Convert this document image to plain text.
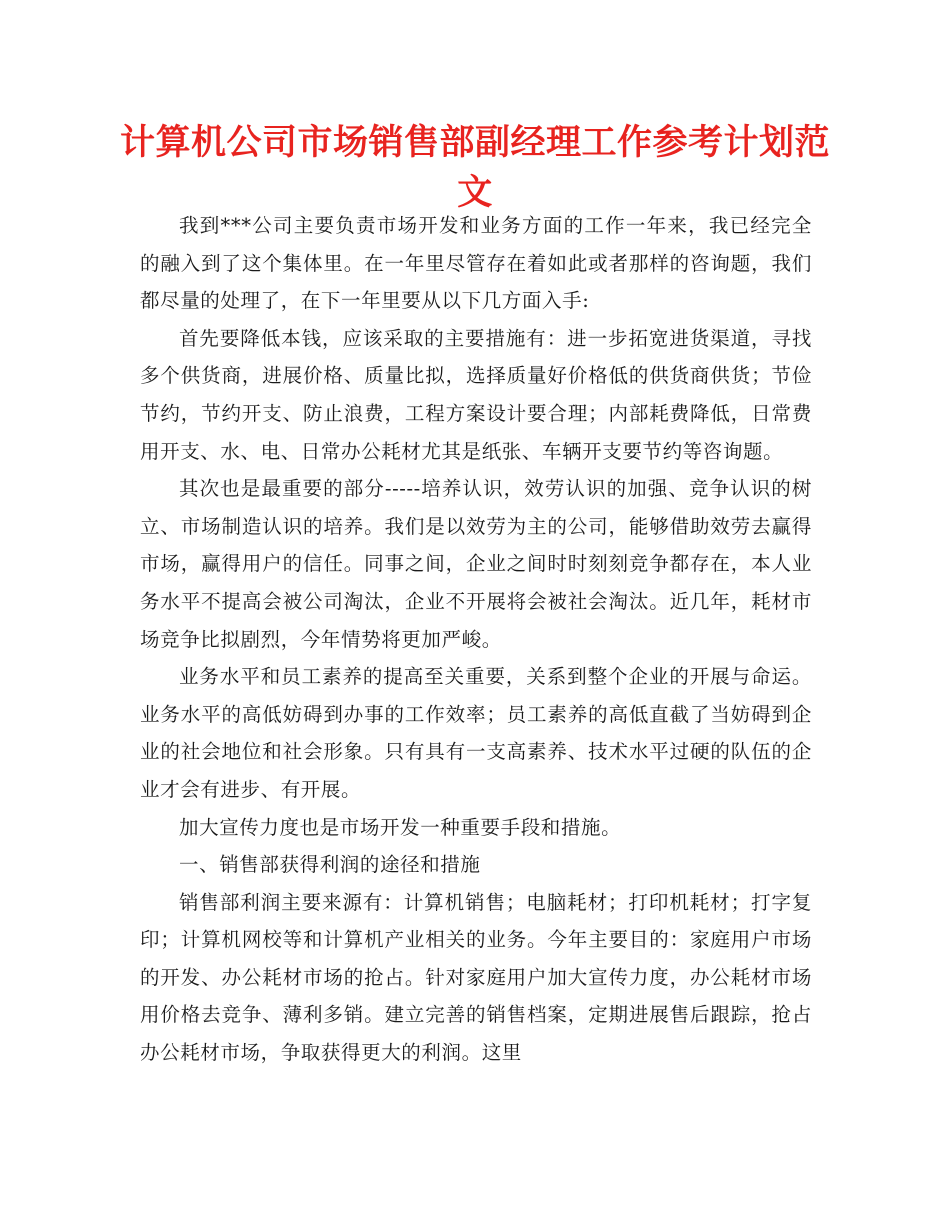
计算机公司市场销售部副经理工作参考计划范文

我到***公司主要负责市场开发和业务方面的工作一年来，我已经完全的融入到了这个集体里。在一年里尽管存在着如此或者那样的咨询题，我们都尽量的处理了，在下一年里要从以下几方面入手:

首先要降低本钱，应该采取的主要措施有：进一步拓宽进货渠道，寻找多个供货商，进展价格、质量比拟，选择质量好价格低的供货商供货；节俭节约，节约开支、防止浪费，工程方案设计要合理；内部耗费降低，日常费用开支、水、电、日常办公耗材尤其是纸张、车辆开支要节约等咨询题。

其次也是最重要的部分-----培养认识，效劳认识的加强、竞争认识的树立、市场制造认识的培养。我们是以效劳为主的公司，能够借助效劳去赢得市场，赢得用户的信任。同事之间，企业之间时时刻刻竞争都存在，本人业务水平不提高会被公司淘汰，企业不开展将会被社会淘汰。近几年，耗材市场竞争比拟剧烈，今年情势将更加严峻。

业务水平和员工素养的提高至关重要，关系到整个企业的开展与命运。业务水平的高低妨碍到办事的工作效率；员工素养的高低直截了当妨碍到企业的社会地位和社会形象。只有具有一支高素养、技术水平过硬的队伍的企业才会有进步、有开展。

加大宣传力度也是市场开发一种重要手段和措施。

一、销售部获得利润的途径和措施

销售部利润主要来源有：计算机销售；电脑耗材；打印机耗材；打字复印；计算机网校等和计算机产业相关的业务。今年主要目的：家庭用户市场的开发、办公耗材市场的抢占。针对家庭用户加大宣传力度，办公耗材市场用价格去竞争、薄利多销。建立完善的销售档案，定期进展售后跟踪，抢占办公耗材市场，争取获得更大的利润。这里
